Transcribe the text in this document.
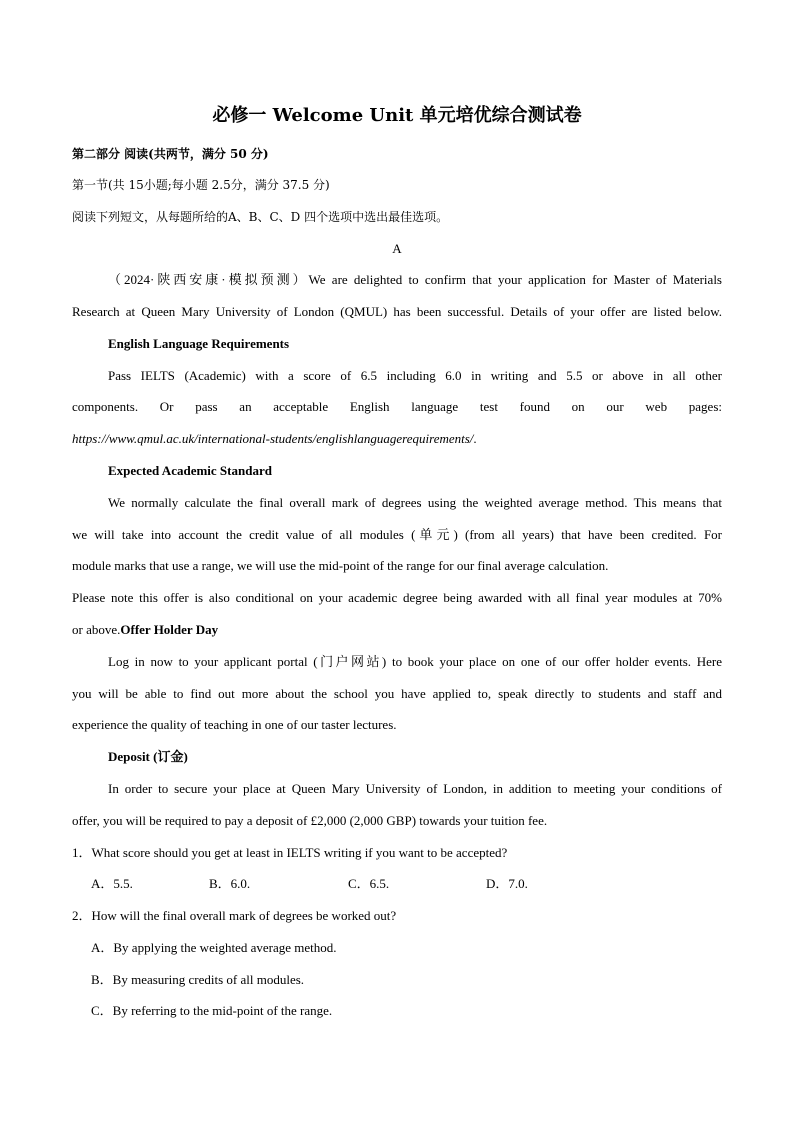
必修一 Welcome Unit 单元培优综合测试卷
第二部分 阅读(共两节，满分 50 分)
第一节(共 15小题;每小题 2.5分，满分 37.5 分)
阅读下列短文，从每题所给的A、B、C、D 四个选项中选出最佳选项。
A
（2024·陕西安康·模拟预测）We are delighted to confirm that your application for Master of Materials
Research at Queen Mary University of London (QMUL) has been successful. Details of your offer are listed below.
English Language Requirements
Pass IELTS (Academic) with a score of 6.5 including 6.0 in writing and 5.5 or above in all other
components. Or pass an acceptable English language test found on our web pages:
https://www.qmul.ac.uk/international-students/englishlanguagerequirements/.
Expected Academic Standard
We normally calculate the final overall mark of degrees using the weighted average method. This means that
we will take into account the credit value of all modules (单元) (from all years) that have been credited. For
module marks that use a range, we will use the mid-point of the range for our final average calculation.
Please note this offer is also conditional on your academic degree being awarded with all final year modules at 70%
or above.Offer Holder Day
Log in now to your applicant portal (门户网站) to book your place on one of our offer holder events. Here
you will be able to find out more about the school you have applied to, speak directly to students and staff and
experience the quality of teaching in one of our taster lectures.
Deposit (订金)
In order to secure your place at Queen Mary University of London, in addition to meeting your conditions of
offer, you will be required to pay a deposit of £2,000 (2,000 GBP) towards your tuition fee.
1．What score should you get at least in IELTS writing if you want to be accepted?
A．5.5.	B．6.0.	C．6.5.	D．7.0.
2．How will the final overall mark of degrees be worked out?
A．By applying the weighted average method.
B．By measuring credits of all modules.
C．By referring to the mid-point of the range.
